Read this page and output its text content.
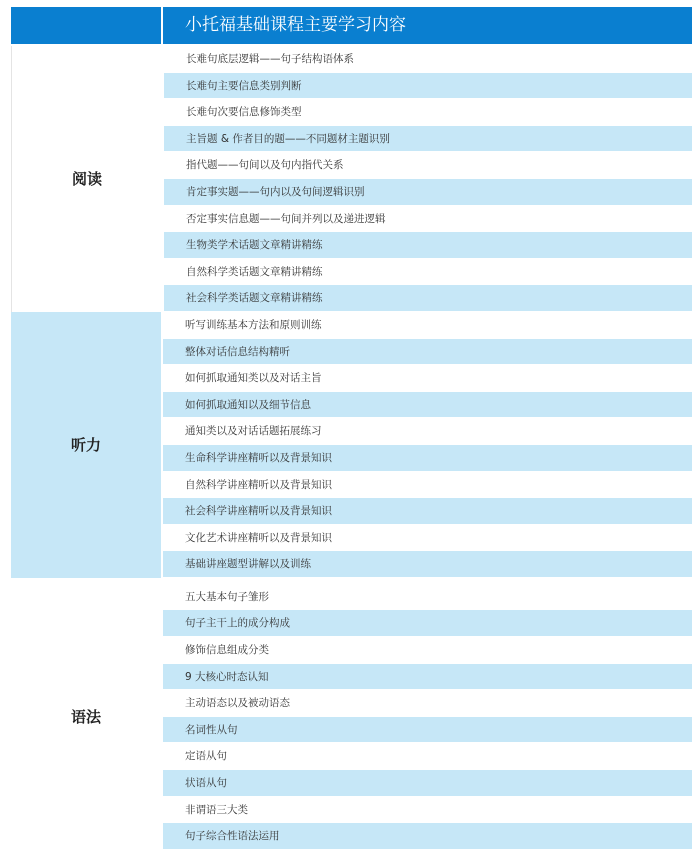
小托福基础课程主要学习内容
阅读
长难句底层逻辑——句子结构语体系
长难句主要信息类别判断
长难句次要信息修饰类型
主旨题 & 作者目的题——不同题材主题识别
指代题——句间以及句内指代关系
肯定事实题——句内以及句间逻辑识别
否定事实信息题——句间并列以及递进逻辑
生物类学术话题文章精讲精练
自然科学类话题文章精讲精练
社会科学类话题文章精讲精练
听力
听写训练基本方法和原则训练
整体对话信息结构精听
如何抓取通知类以及对话主旨
如何抓取通知以及细节信息
通知类以及对话话题拓展练习
生命科学讲座精听以及背景知识
自然科学讲座精听以及背景知识
社会科学讲座精听以及背景知识
文化艺术讲座精听以及背景知识
基础讲座题型讲解以及训练
语法
五大基本句子雏形
句子主干上的成分构成
修饰信息组成分类
9 大核心时态认知
主动语态以及被动语态
名词性从句
定语从句
状语从句
非谓语三大类
句子综合性语法运用
